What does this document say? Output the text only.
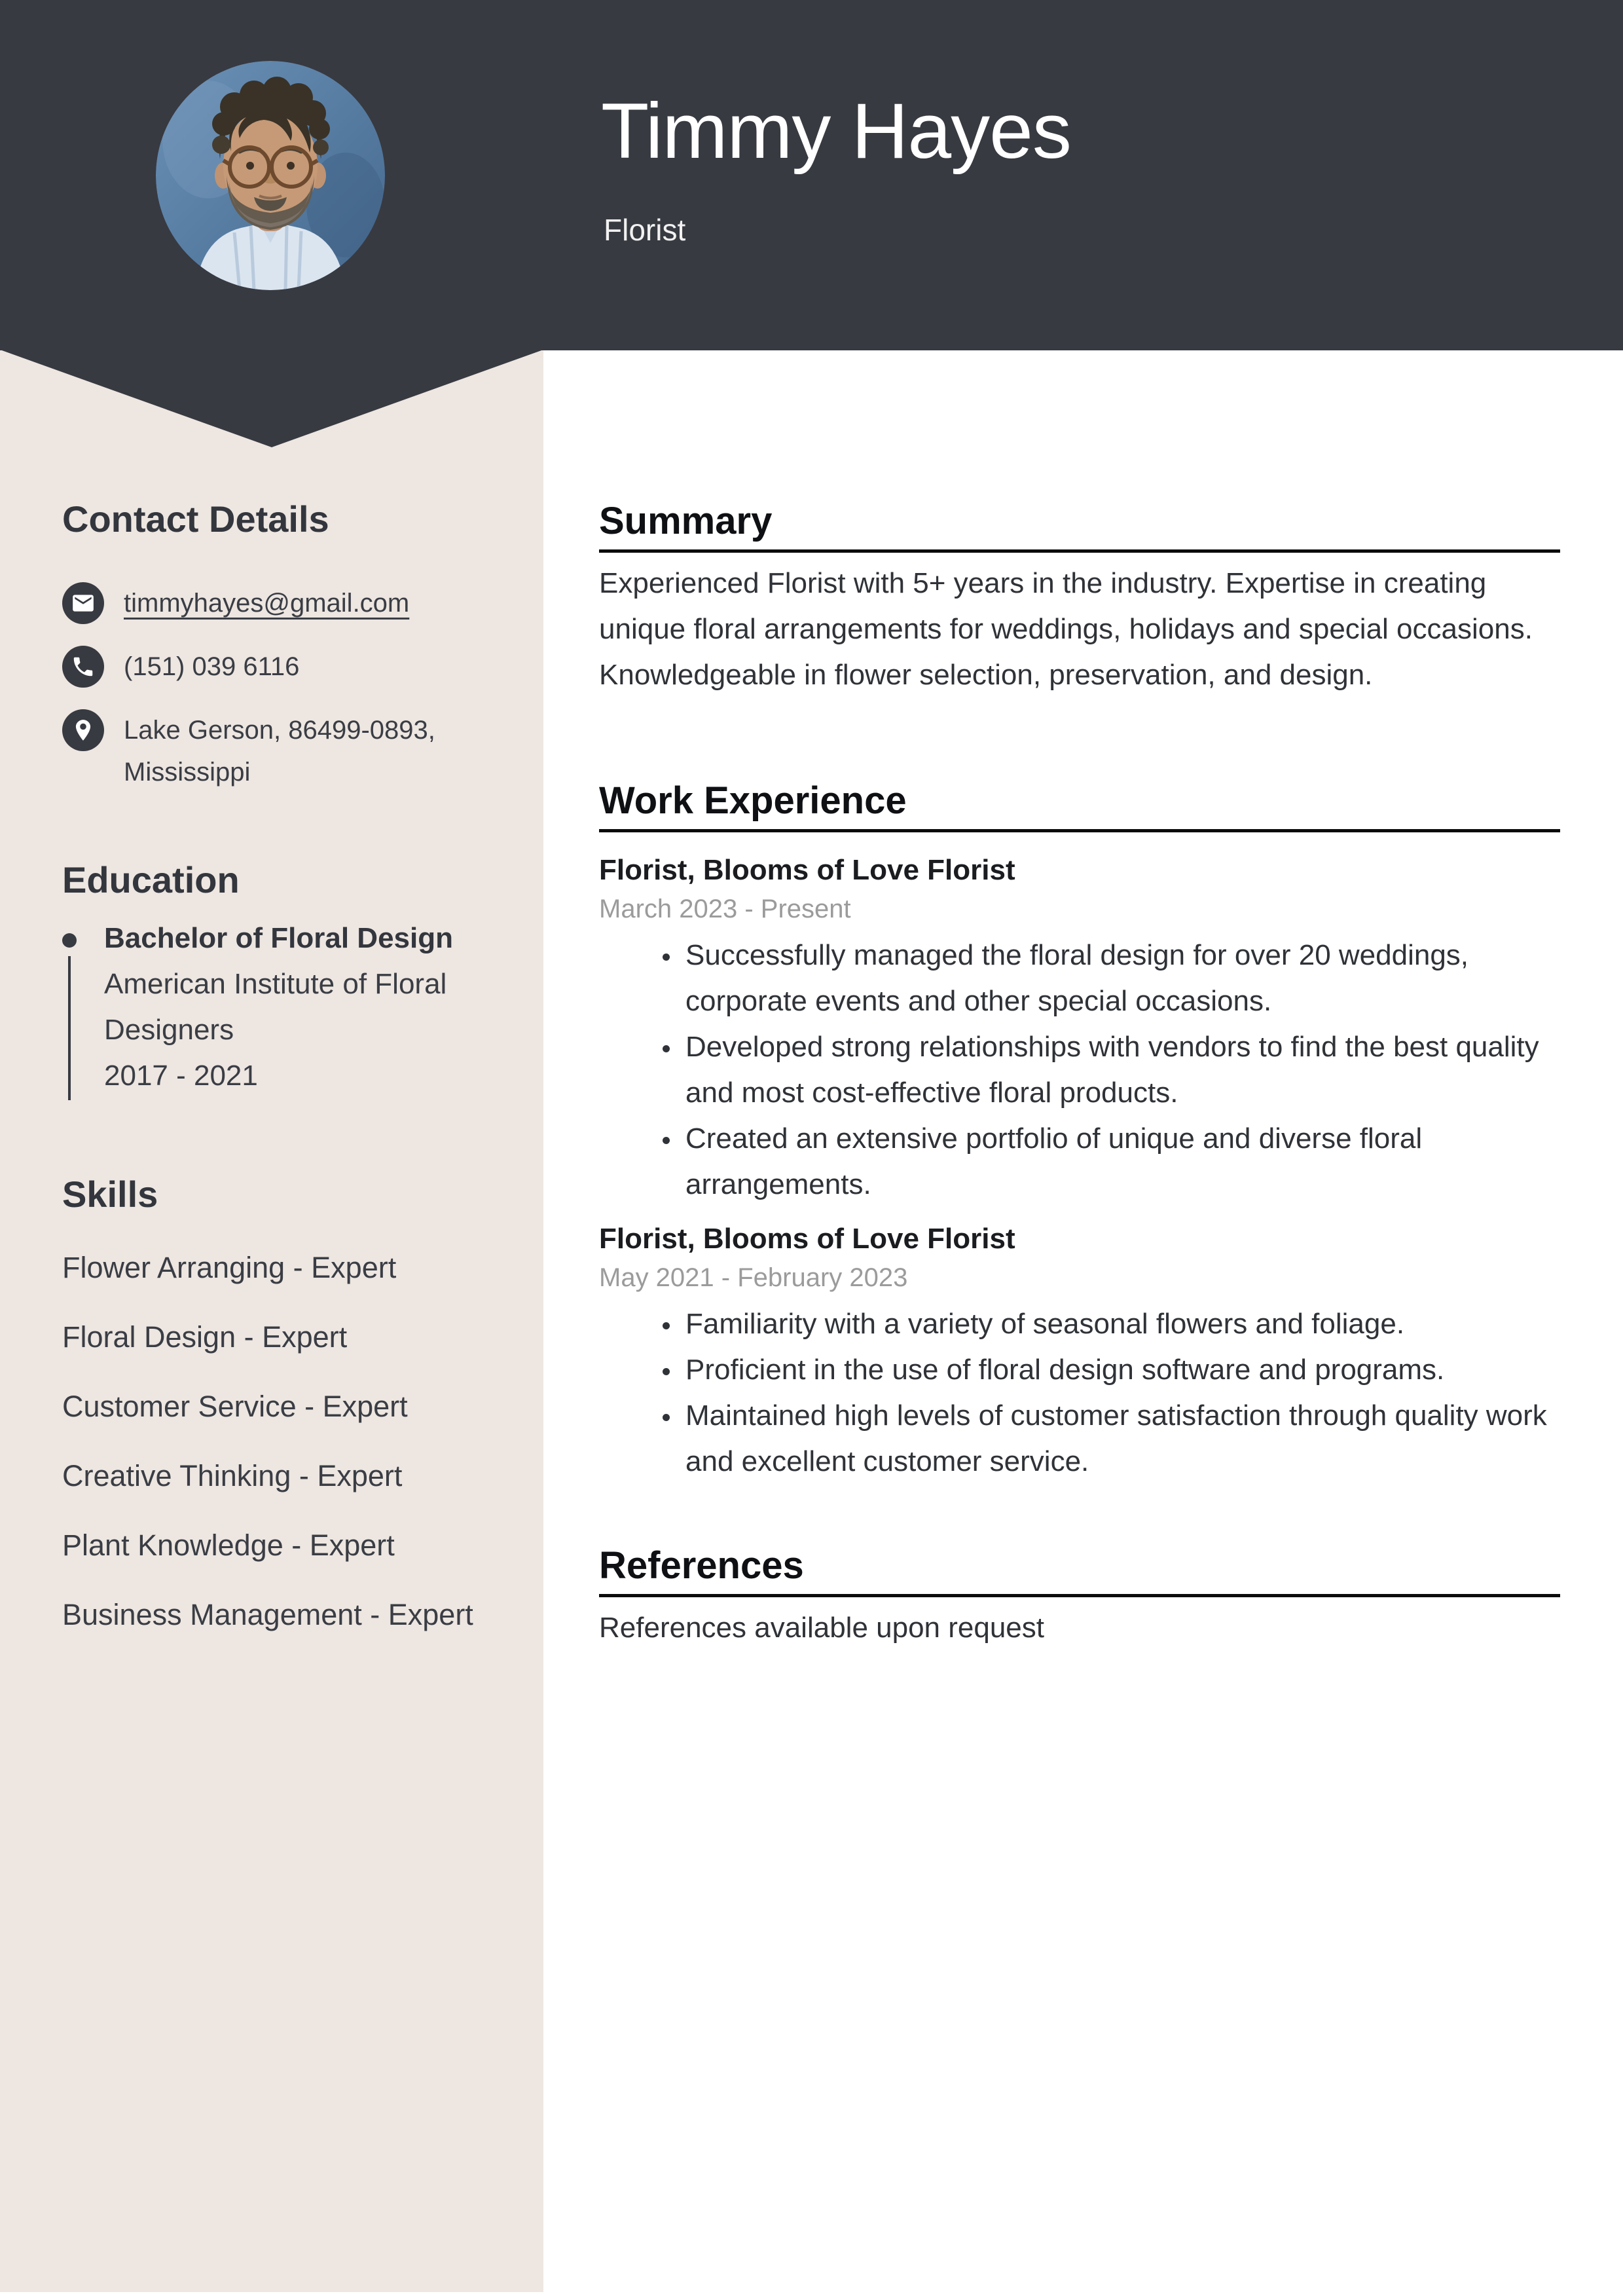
Timmy Hayes
Florist
Contact Details
timmyhayes@gmail.com
(151) 039 6116
Lake Gerson, 86499-0893, Mississippi
Education
Bachelor of Floral Design
American Institute of Floral Designers
2017 - 2021
Skills
Flower Arranging - Expert
Floral Design - Expert
Customer Service - Expert
Creative Thinking - Expert
Plant Knowledge - Expert
Business Management - Expert
Summary

Experienced Florist with 5+ years in the industry. Expertise in creating unique floral arrangements for weddings, holidays and special occasions. Knowledgeable in flower selection, preservation, and design.

Work Experience
Florist, Blooms of Love Florist
March 2023 - Present
• Successfully managed the floral design for over 20 weddings, corporate events and other special occasions.
• Developed strong relationships with vendors to find the best quality and most cost-effective floral products.
• Created an extensive portfolio of unique and diverse floral arrangements.
Florist, Blooms of Love Florist
May 2021 - February 2023
• Familiarity with a variety of seasonal flowers and foliage.
• Proficient in the use of floral design software and programs.
• Maintained high levels of customer satisfaction through quality work and excellent customer service.
References

References available upon request
